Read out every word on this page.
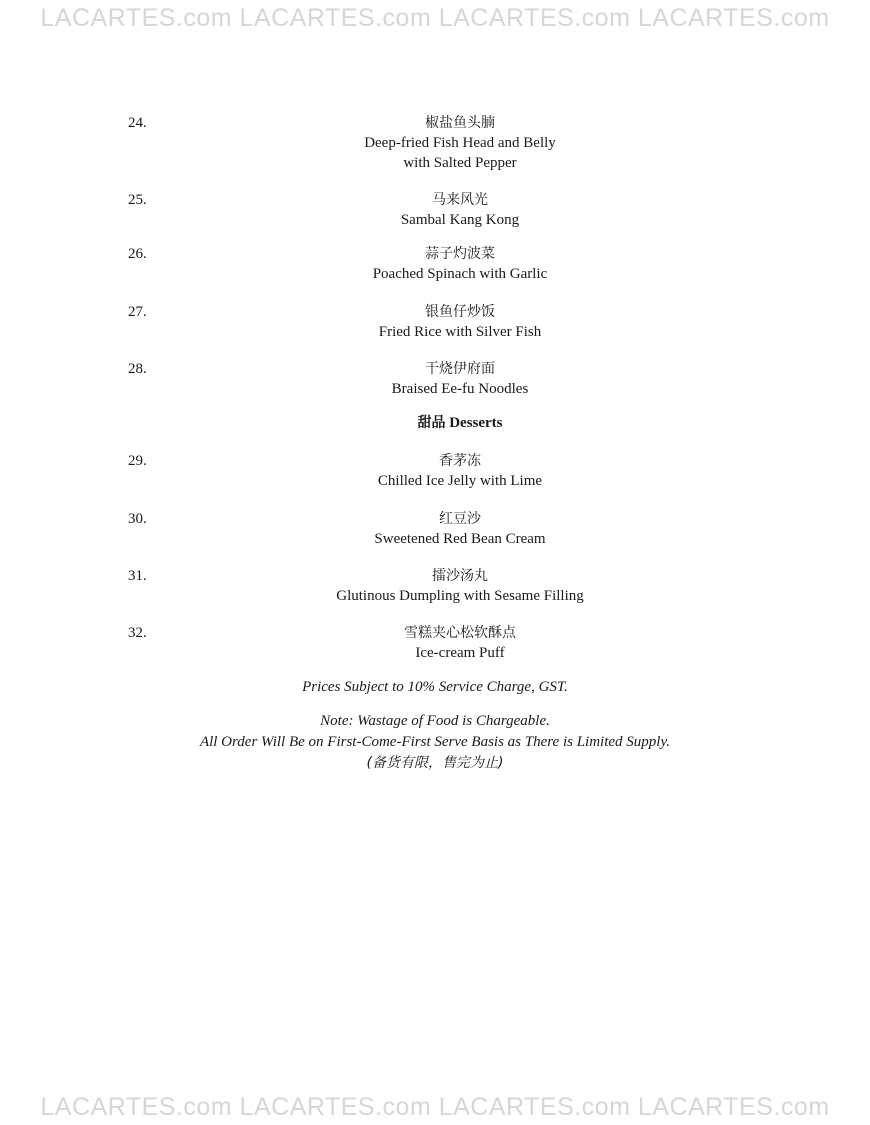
LACARTES.com LACARTES.com LACARTES.com LACARTES.com
24.	椒盐鱼头腩
Deep-fried Fish Head and Belly
with Salted Pepper
25.	马来风光
Sambal Kang Kong
26.	蒜子灼波菜
Poached Spinach with Garlic
27.	银鱼仔炒饭
Fried Rice with Silver Fish
28.	干烧伊府面
Braised Ee-fu Noodles
甜品 Desserts
29.	香茅冻
Chilled Ice Jelly with Lime
30.	红豆沙
Sweetened Red Bean Cream
31.	擂沙汤丸
Glutinous Dumpling with Sesame Filling
32.	雪糕夹心松软酥点
Ice-cream Puff
Prices Subject to 10% Service Charge, GST.
Note: Wastage of Food is Chargeable.
All Order Will Be on First-Come-First Serve Basis as There is Limited Supply.
(备货有限，售完为止)
LACARTES.com LACARTES.com LACARTES.com LACARTES.com
